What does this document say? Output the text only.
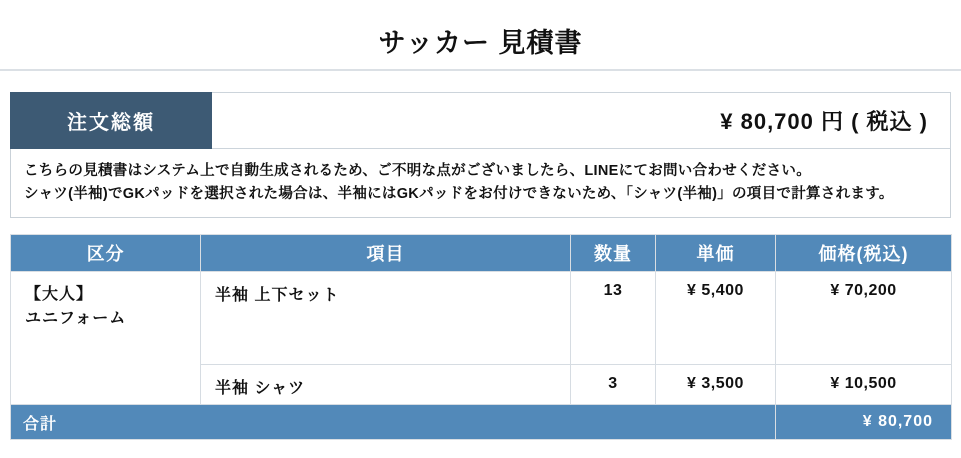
サッカー 見積書
注文総額	¥ 80,700 円 ( 税込 )
こちらの見積書はシステム上で自動生成されるため、ご不明な点がございましたら、LINEにてお問い合わせください。
シャツ(半袖)でGKパッドを選択された場合は、半袖にはGKパッドをお付けできないため、「シャツ(半袖)」の項目で計算されます。
区分	項目	数量	単価	価格(税込)

【大人】
ユニフォーム	半袖 上下セット	13	¥ 5,400	¥ 70,200
	半袖 シャツ	3	¥ 3,500	¥ 10,500
合計				¥ 80,700
